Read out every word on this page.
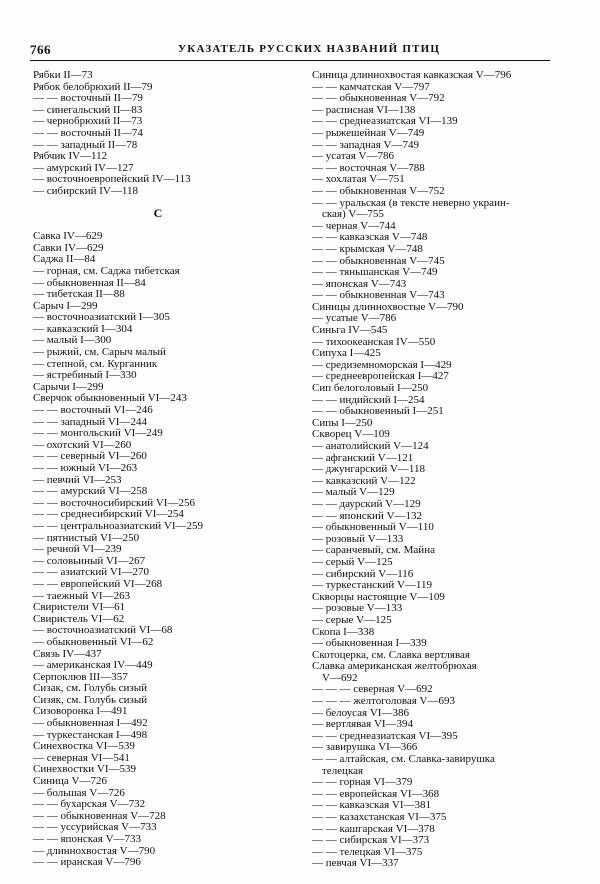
766	УКАЗАТЕЛЬ РУССКИХ НАЗВАНИЙ ПТИЦ
Рябки II—73
Рябок белобрюхий II—79
— — восточный II—79
— синегальский II—83
— чернобрюхий II—73
— — восточный II—74
— — западный II—78
Рябчик IV—112
— амурский IV—127
— восточноевропейский IV—113
— сибирский IV—118
С
Савка IV—629
Савки IV—629
Саджа II—84
— горная, см. Саджа тибетская
— обыкновенная II—84
— тибетская II—88
Сарыч I—299
— восточноазиатский I—305
— кавказский I—304
— малый I—300
— рыжий, см. Сарыч малый
— степной, см. Курганник
— ястребиный I—330
Сарычи I—299
Сверчок обыкновенный VI—243
— — восточный VI—246
— — западный VI—244
— — монгольский VI—249
— охотский VI—260
— — северный VI—260
— — южный VI—263
— певчий VI—253
— — амурский VI—258
— — восточносибирский VI—256
— — среднесибирский VI—254
— — центральноазиатский VI—259
— пятнистый VI—250
— речной VI—239
— соловьиный VI—267
— — азиатский VI—270
— — европейский VI—268
— таежный VI—263
Свиристели VI—61
Свиристель VI—62
— восточноазиатский VI—68
— обыкновенный VI—62
Связь IV—437
— американская IV—449
Серпоклюв III—357
Сизак, см. Голубь сизый
Сизяк, см. Голубь сизый
Сизоворонка I—491
— обыкновенная I—492
— туркестанская I—498
Синехвостка VI—539
— северная VI—541
Синехвостки VI—539
Синица V—726
— большая V—726
— — бухарская V—732
— — обыкновенная V—728
— — уссурийская V—733
— — японская V—733
— длиннохвостая V—790
— — иранская V—796
Синица длиннохвостая кавказская V—796
— — камчатская V—797
— — обыкновенная V—792
— расписная VI—138
— — среднеазиатская VI—139
— рыжешейная V—749
— — западная V—749
— усатая V—786
— — восточная V—788
— хохлатая V—751
— — обыкновенная V—752
— — уральская (в тексте неверно украин-
ская) V—755
— черная V—744
— — кавказская V—748
— — крымская V—748
— — обыкновенная V—745
— — тяньшанская V—749
— японская V—743
— — обыкновенная V—743
Синицы длиннохвостые V—790
— усатые V—786
Синьга IV—545
— тихоокеанская IV—550
Сипуха I—425
— средиземноморская I—429
— среднеевропейская I—427
Сип белоголовый I—250
— — индийский I—254
— — обыкновенный I—251
Сипы I—250
Скворец V—109
— анатолийский V—124
— афганский V—121
— джунгарский V—118
— кавказский V—122
— малый V—129
— — даурский V—129
— — японский V—132
— обыкновенный V—110
— розовый V—133
— саранчевый, см. Майна
— серый V—125
— сибирский V—116
— туркестанский V—119
Скворцы настоящие V—109
— розовые V—133
— серые V—125
Скопа I—338
— обыкновенная I—339
Скотоцерка, см. Славка вертлявая
Славка американская желтобрюхая
V—692
— — — северная V—692
— — — желтоголовая V—693
— белоусая VI—386
— вертлявая VI—394
— — среднеазиатская VI—395
— завирушка VI—366
— — алтайская, см. Славка-завирушка
телецкая
— — горная VI—379
— — европейская VI—368
— — кавказская VI—381
— — казахстанская VI—375
— — кашгарская VI—378
— — сибирская VI—373
— — телецкая VI—375
— певчая VI—337
